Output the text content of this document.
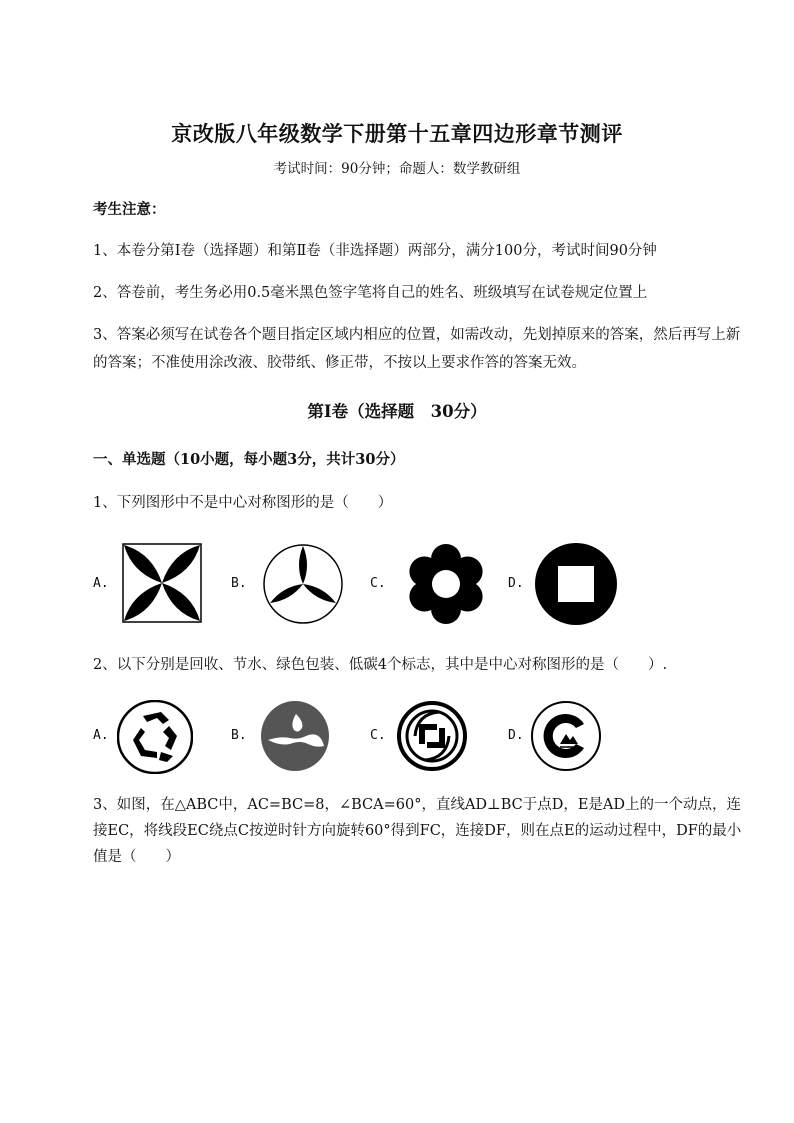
京改版八年级数学下册第十五章四边形章节测评
考试时间：90分钟；命题人：数学教研组
考生注意：
1、本卷分第Ⅰ卷（选择题）和第Ⅱ卷（非选择题）两部分，满分100分，考试时间90分钟
2、答卷前，考生务必用0.5毫米黑色签字笔将自己的姓名、班级填写在试卷规定位置上
3、答案必须写在试卷各个题目指定区域内相应的位置，如需改动，先划掉原来的答案，然后再写上新的答案；不准使用涂改液、胶带纸、修正带，不按以上要求作答的答案无效。
第Ⅰ卷（选择题　30分）
一、单选题（10小题，每小题3分，共计30分）
1、下列图形中不是中心对称图形的是（　　）
A.	B.	C.	D.
2、以下分别是回收、节水、绿色包装、低碳4个标志，其中是中心对称图形的是（　　）.
A.	B.	C.	D.
3、如图，在△ABC中，AC=BC=8，∠BCA=60°，直线AD⊥BC于点D，E是AD上的一个动点，连接EC，将线段EC绕点C按逆时针方向旋转60°得到FC，连接DF，则在点E的运动过程中，DF的最小值是（　　）
